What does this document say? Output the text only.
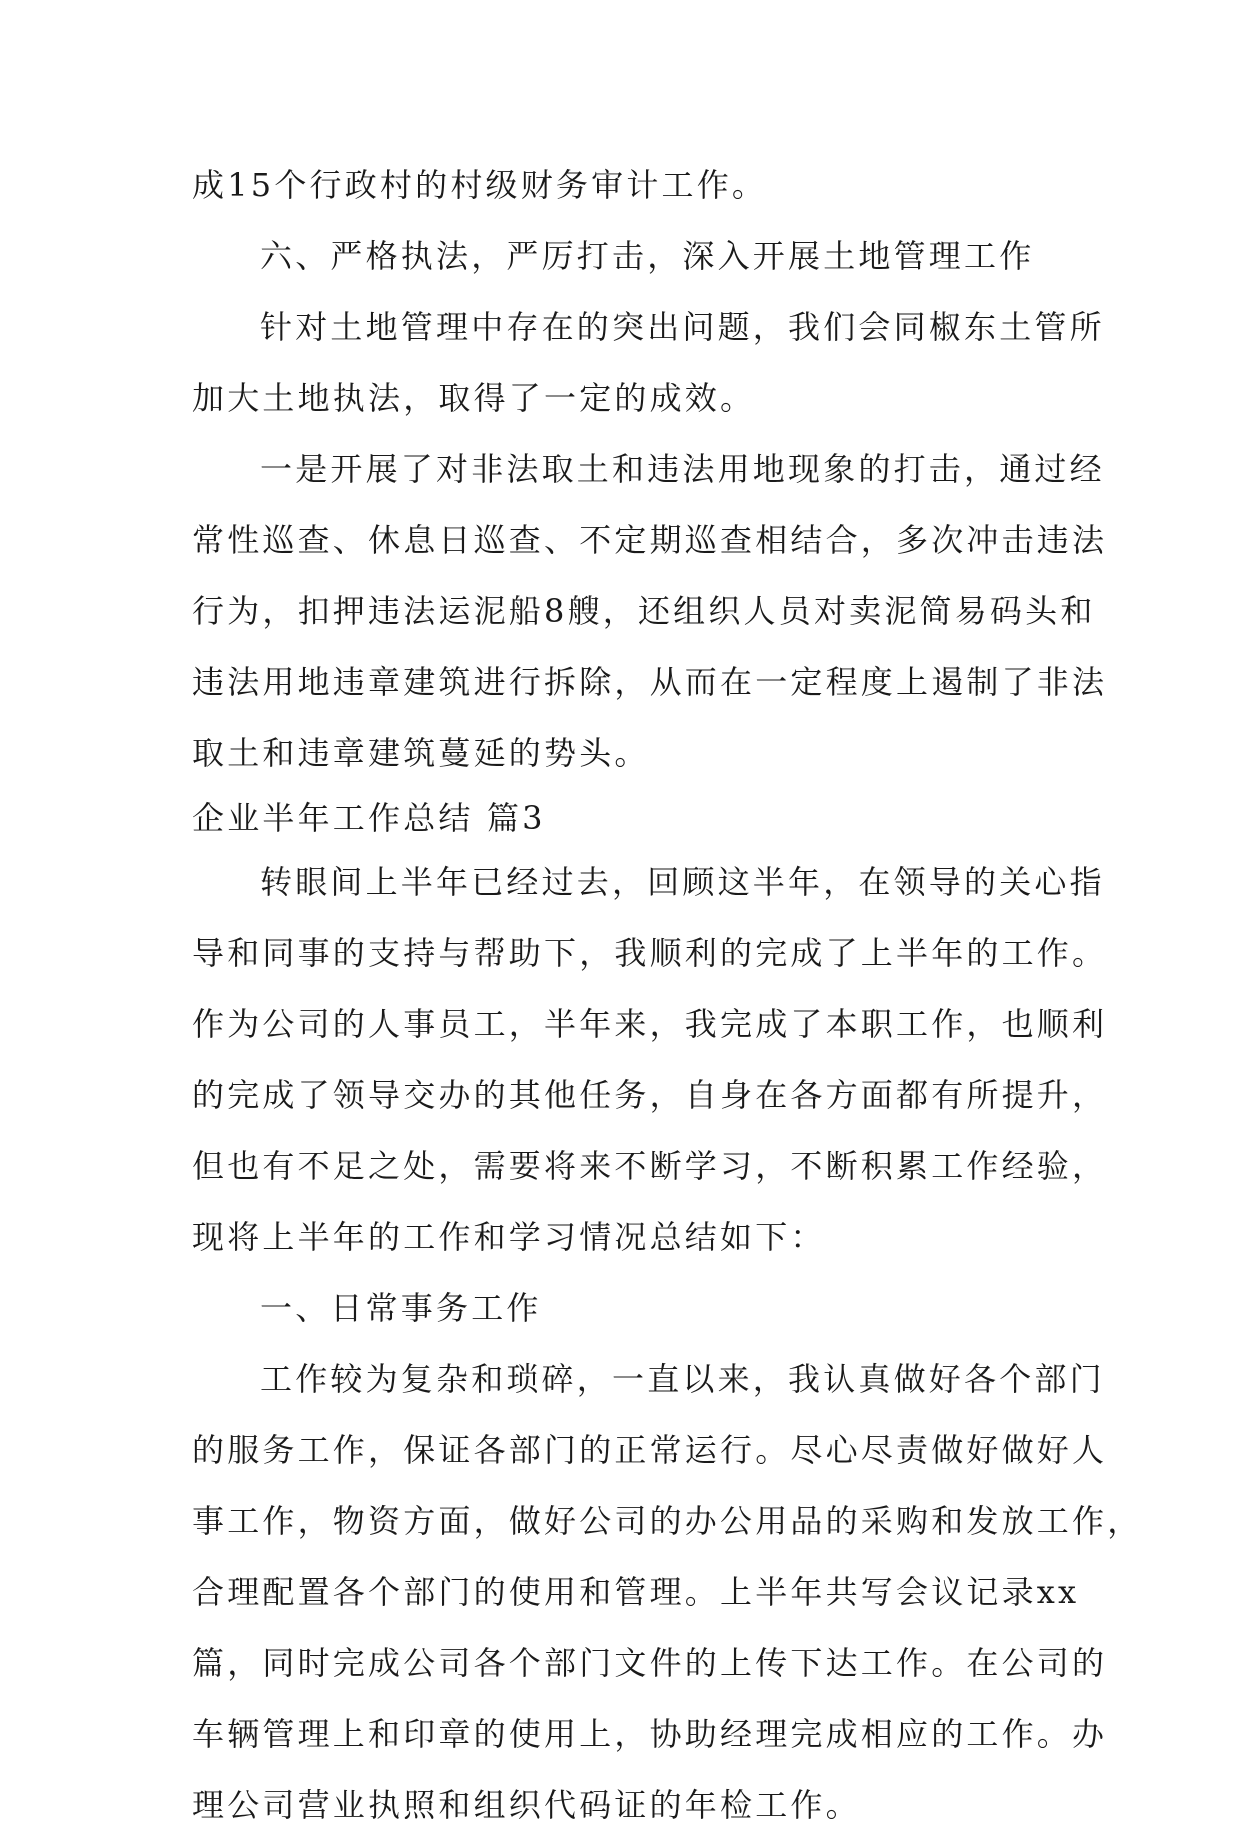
成15个行政村的村级财务审计工作。
六、严格执法，严厉打击，深入开展土地管理工作
针对土地管理中存在的突出问题，我们会同椒东土管所
加大土地执法，取得了一定的成效。
一是开展了对非法取土和违法用地现象的打击，通过经
常性巡查、休息日巡查、不定期巡查相结合，多次冲击违法
行为，扣押违法运泥船8艘，还组织人员对卖泥简易码头和
违法用地违章建筑进行拆除，从而在一定程度上遏制了非法
取土和违章建筑蔓延的势头。
企业半年工作总结 篇3
转眼间上半年已经过去，回顾这半年，在领导的关心指
导和同事的支持与帮助下，我顺利的完成了上半年的工作。
作为公司的人事员工，半年来，我完成了本职工作，也顺利
的完成了领导交办的其他任务，自身在各方面都有所提升，
但也有不足之处，需要将来不断学习，不断积累工作经验，
现将上半年的工作和学习情况总结如下：
一、日常事务工作
工作较为复杂和琐碎，一直以来，我认真做好各个部门
的服务工作，保证各部门的正常运行。尽心尽责做好做好人
事工作，物资方面，做好公司的办公用品的采购和发放工作，
合理配置各个部门的使用和管理。上半年共写会议记录xx
篇，同时完成公司各个部门文件的上传下达工作。在公司的
车辆管理上和印章的使用上，协助经理完成相应的工作。办
理公司营业执照和组织代码证的年检工作。
